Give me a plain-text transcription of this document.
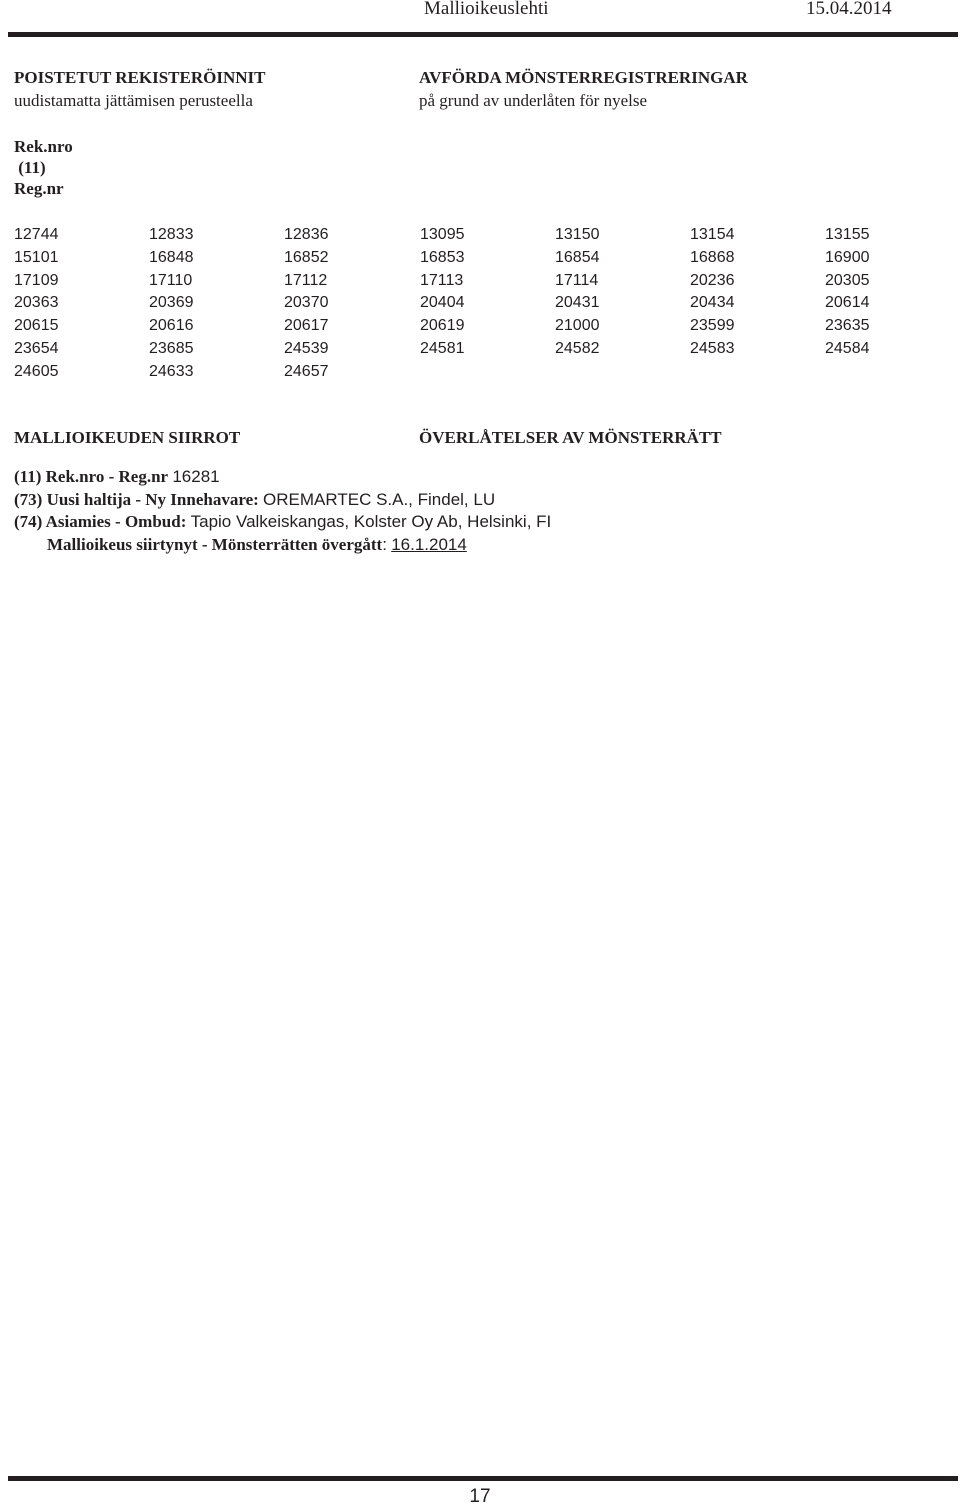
Mallioikeuslehti	15.04.2014
POISTETUT REKISTERÖINNIT
uudistamatta jättämisen perusteella
AVFÖRDA MÖNSTERREGISTRERINGAR
på grund av underlåten för nyelse
Rek.nro
(11)
Reg.nr
12744	12833	12836	13095	13150	13154	13155
15101	16848	16852	16853	16854	16868	16900
17109	17110	17112	17113	17114	20236	20305
20363	20369	20370	20404	20431	20434	20614
20615	20616	20617	20619	21000	23599	23635
23654	23685	24539	24581	24582	24583	24584
24605	24633	24657
MALLIOIKEUDEN SIIRROT	ÖVERLÅTELSER AV MÖNSTERRÄTT
(11) Rek.nro - Reg.nr 16281
(73) Uusi haltija - Ny Innehavare: OREMARTEC S.A., Findel, LU
(74) Asiamies - Ombud: Tapio Valkeiskangas, Kolster Oy Ab, Helsinki, FI
Mallioikeus siirtynyt - Mönsterrätten övergått: 16.1.2014
17
